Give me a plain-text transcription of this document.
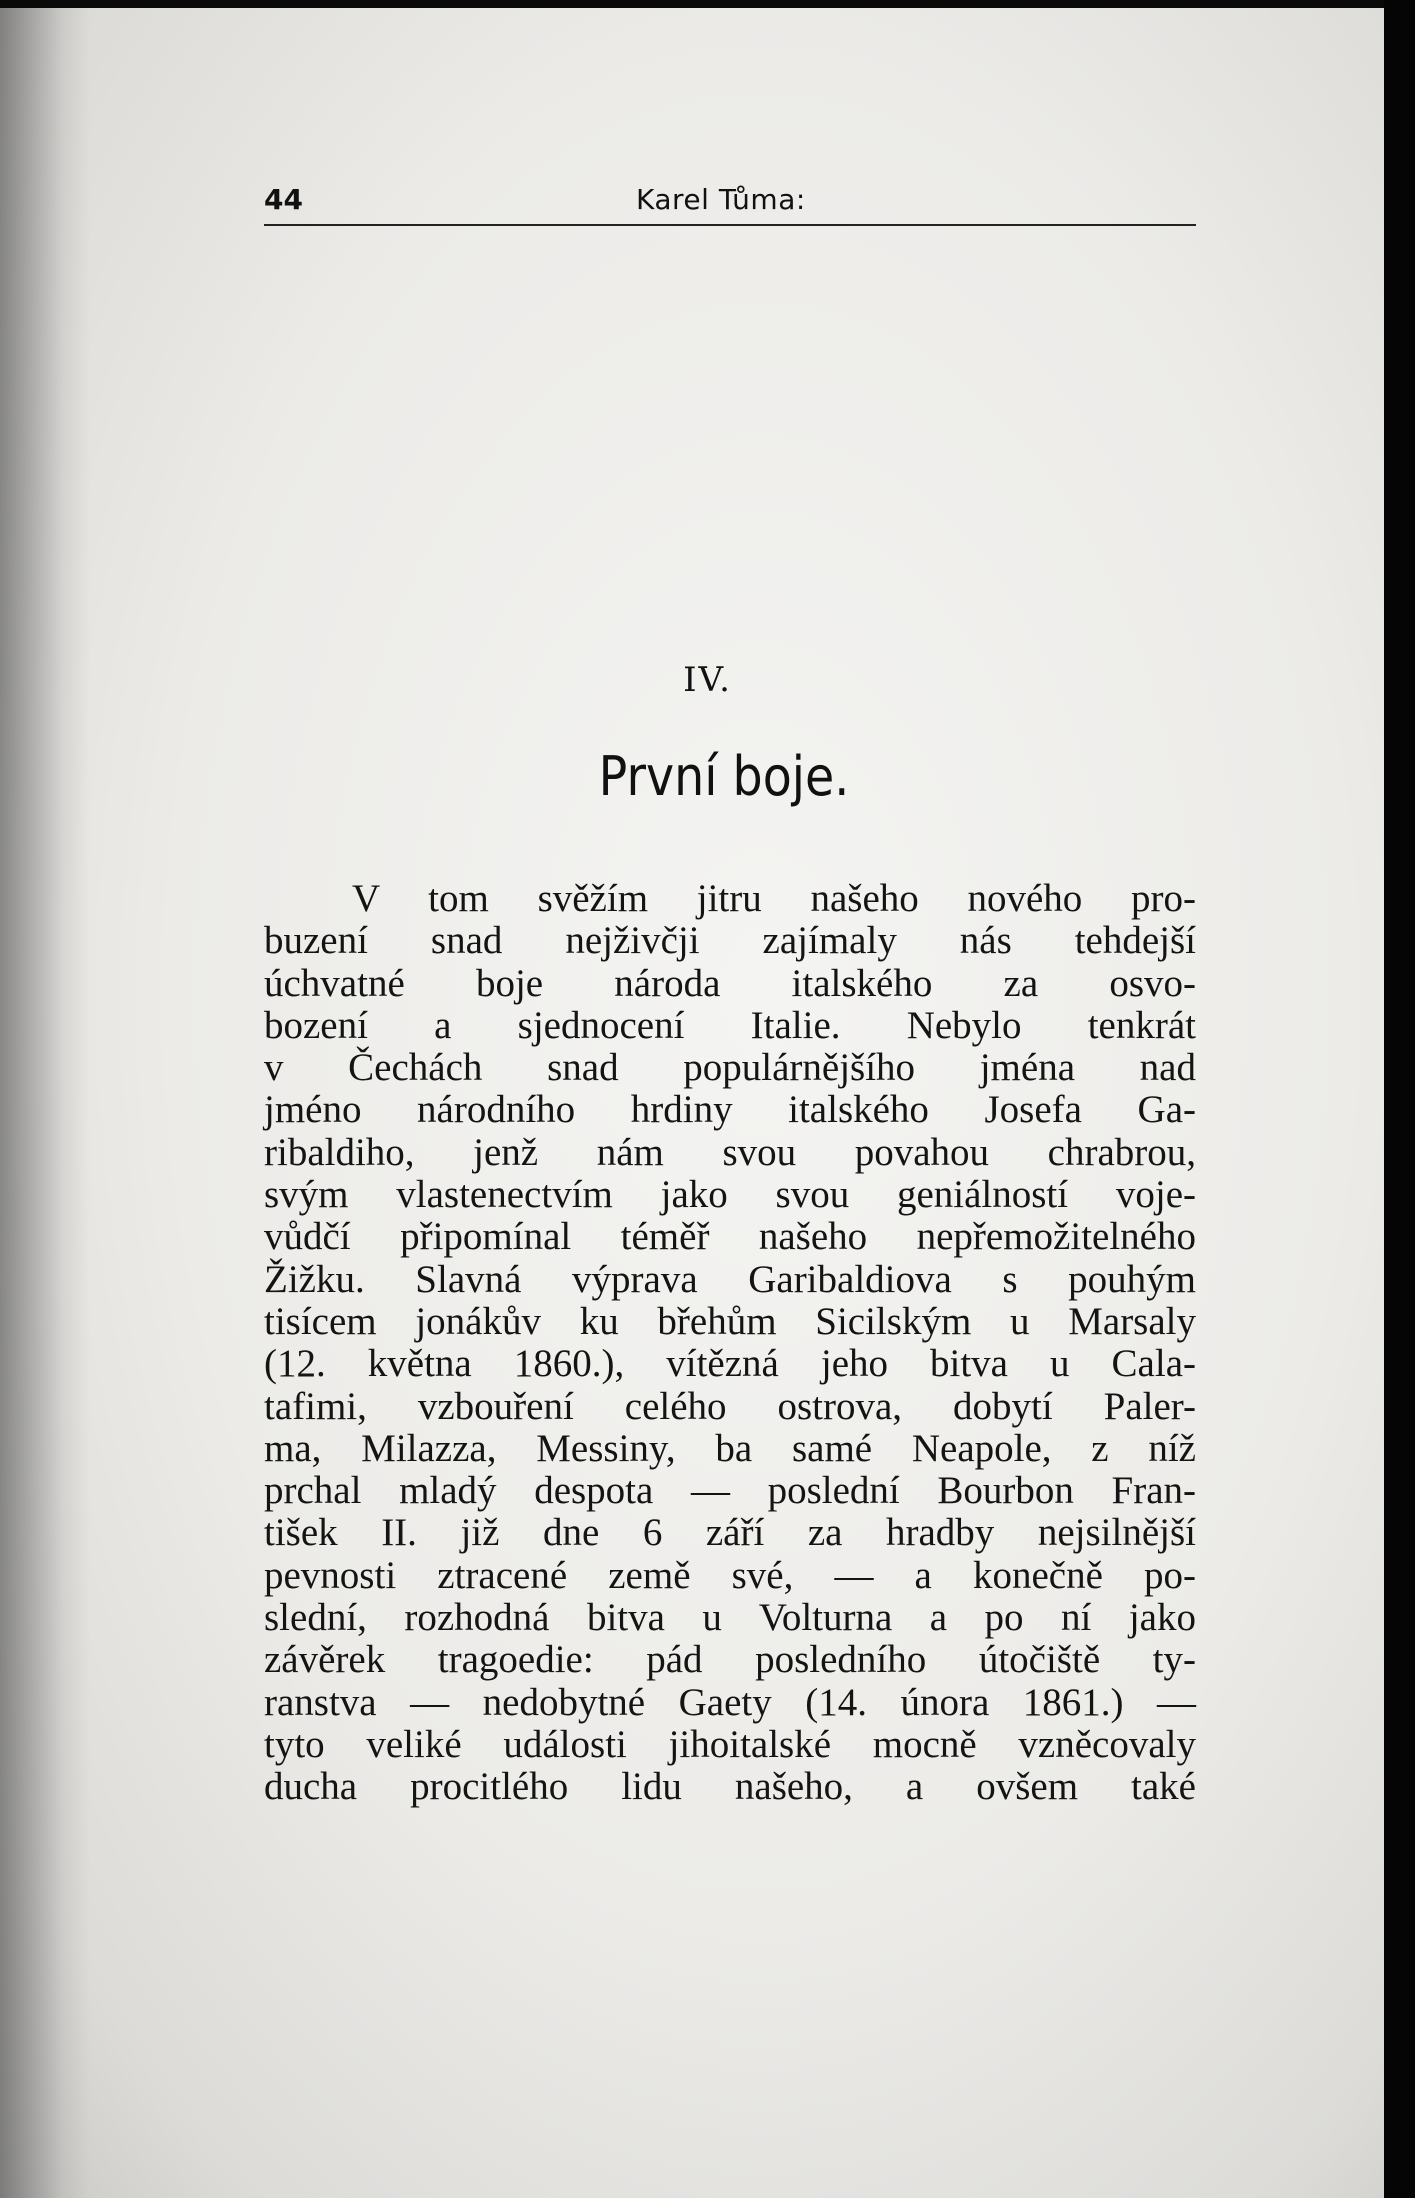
44	Karel Tůma:
IV.
První boje.
V tom svěžím jitru našeho nového pro-
buzení snad nejživčji zajímaly nás tehdejší
úchvatné boje národa italského za osvo-
bození a sjednocení Italie. Nebylo tenkrát
v Čechách snad populárnějšího jména nad
jméno národního hrdiny italského Josefa Ga-
ribaldiho, jenž nám svou povahou chrabrou,
svým vlastenectvím jako svou geniálností voje-
vůdčí připomínal téměř našeho nepřemožitelného
Žižku. Slavná výprava Garibaldiova s pouhým
tisícem jonákův ku břehům Sicilským u Marsaly
(12. května 1860.), vítězná jeho bitva u Cala-
tafimi, vzbouření celého ostrova, dobytí Paler-
ma, Milazza, Messiny, ba samé Neapole, z níž
prchal mladý despota — poslední Bourbon Fran-
tišek II. již dne 6 září za hradby nejsilnější
pevnosti ztracené země své, — a konečně po-
slední, rozhodná bitva u Volturna a po ní jako
závěrek tragoedie: pád posledního útočiště ty-
ranstva — nedobytné Gaety (14. února 1861.) —
tyto veliké události jihoitalské mocně vzněcovaly
ducha procitlého lidu našeho, a ovšem také
